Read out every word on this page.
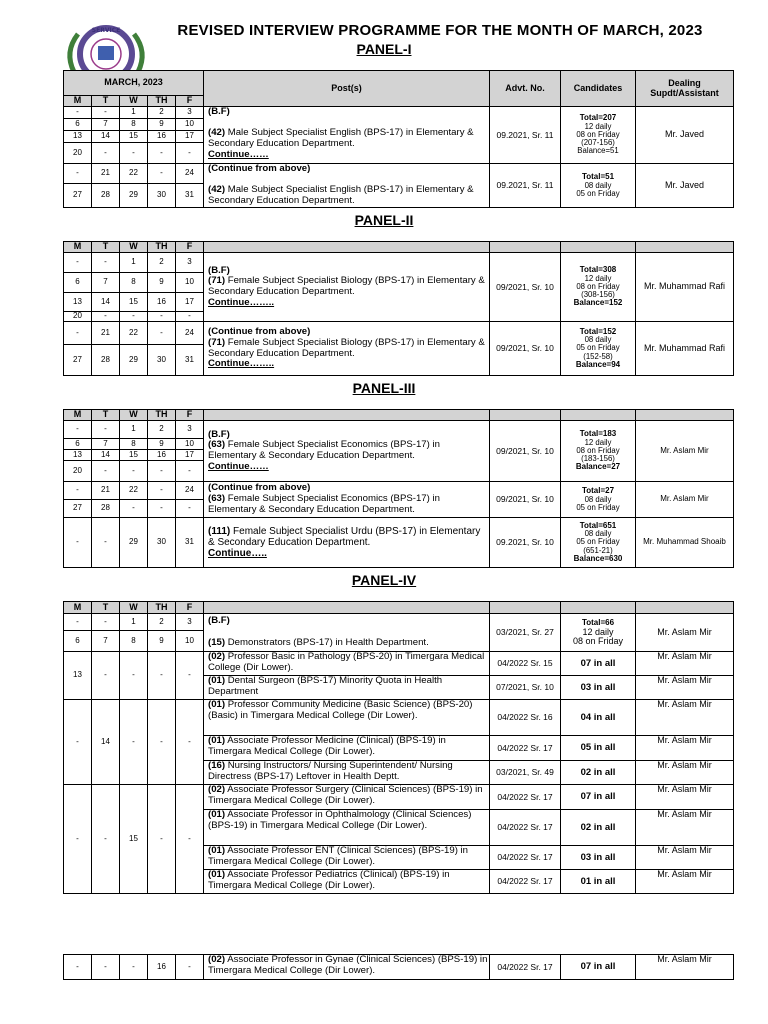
SERVICE	REVISED INTERVIEW PROGRAMME FOR THE MONTH OF MARCH, 2023
PANEL-I
MARCH, 2023					Post(s)	Advt. No.	Candidates	Dealing Supdt/Assistant
M	T	W	TH	F				
-	-	1	2	3	(B.F)

(42) Male Subject Specialist English (BPS-17) in Elementary & Secondary Education Department.
Continue……	09.2021, Sr. 11	Total=207
12 daily
08 on Friday
(207-156)
Balance=51	Mr. Javed
6	7	8	9	10				
13	14	15	16	17				
20	-	-	-	-				
-	21	22	-	24	(Continue from above)

(42) Male Subject Specialist English (BPS-17) in Elementary & Secondary Education Department.	09.2021, Sr. 11	Total=51
08 daily
05 on Friday	Mr. Javed
27	28	29	30	31				
PANEL-II
M	T	W	TH	F				
-	-	1	2	3	(B.F)
(71) Female Subject Specialist Biology (BPS-17) in Elementary & Secondary Education Department.
Continue……..	09/2021, Sr. 10	Total=308
12 daily
08 on Friday
(308-156)
Balance=152	Mr. Muhammad Rafi
6	7	8	9	10				
13	14	15	16	17				
20	-	-	-	-				
-	21	22	-	24	(Continue from above)
(71) Female Subject Specialist Biology (BPS-17) in Elementary & Secondary Education Department.
Continue……..	09/2021, Sr. 10	Total=152
08 daily
05 on Friday
(152-58)
Balance=94	Mr. Muhammad Rafi
27	28	29	30	31				
PANEL-III
M	T	W	TH	F				
-	-	1	2	3	(B.F)
(63) Female Subject Specialist Economics (BPS-17) in Elementary & Secondary Education Department.
Continue……	09/2021, Sr. 10	Total=183
12 daily
08 on Friday
(183-156)
Balance=27	Mr. Aslam Mir
6	7	8	9	10				
13	14	15	16	17				
20	-	-	-	-				
-	21	22	-	24	(Continue from above)
(63) Female Subject Specialist Economics (BPS-17) in Elementary & Secondary Education Department.	09/2021, Sr. 10	Total=27
08 daily
05 on Friday	Mr. Aslam Mir
27	28	-	-	-				
-	-	29	30	31	(111) Female Subject Specialist Urdu (BPS-17) in Elementary & Secondary Education Department.
Continue…..	09.2021, Sr. 10	Total=651
08 daily
05 on Friday
(651-21)
Balance=630	Mr. Muhammad Shoaib
PANEL-IV
M	T	W	TH	F				
-	-	1	2	3	(B.F)

(15) Demonstrators (BPS-17) in Health Department.	03/2021, Sr. 27	Total=66
12 daily
08 on Friday	Mr. Aslam Mir
6	7	8	9	10				
13	-	-	-	-	(02) Professor Basic in Pathology (BPS-20) in Timergara Medical College (Dir Lower).	04/2022 Sr. 15	07 in all	Mr. Aslam Mir
					(01) Dental Surgeon (BPS-17) Minority Quota in Health Department	07/2021, Sr. 10	03 in all	Mr. Aslam Mir
-	14	-	-	-	(01) Professor Community Medicine (Basic Science) (BPS-20) (Basic) in Timergara Medical College (Dir Lower).	04/2022 Sr. 16	04 in all	Mr. Aslam Mir
					(01) Associate Professor Medicine (Clinical) (BPS-19) in Timergara Medical College (Dir Lower).	04/2022 Sr. 17	05 in all	Mr. Aslam Mir
					(16) Nursing Instructors/ Nursing Superintendent/ Nursing Directress (BPS-17) Leftover in Health Deptt.	03/2021, Sr. 49	02 in all	Mr. Aslam Mir
-	-	15	-	-	(02) Associate Professor Surgery (Clinical Sciences) (BPS-19) in Timergara Medical College (Dir Lower).	04/2022 Sr. 17	07 in all	Mr. Aslam Mir
					(01) Associate Professor in Ophthalmology (Clinical Sciences) (BPS-19) in Timergara Medical College (Dir Lower).	04/2022 Sr. 17	02 in all	Mr. Aslam Mir
					(01) Associate Professor ENT (Clinical Sciences) (BPS-19) in Timergara Medical College (Dir Lower).	04/2022 Sr. 17	03 in all	Mr. Aslam Mir
					(01) Associate Professor Pediatrics (Clinical) (BPS-19) in Timergara Medical College (Dir Lower).	04/2022 Sr. 17	01 in all	Mr. Aslam Mir
-	-	-	16	-	(02) Associate Professor in Gynae (Clinical Sciences) (BPS-19) in Timergara Medical College (Dir Lower).	04/2022 Sr. 17	07 in all	Mr. Aslam Mir
